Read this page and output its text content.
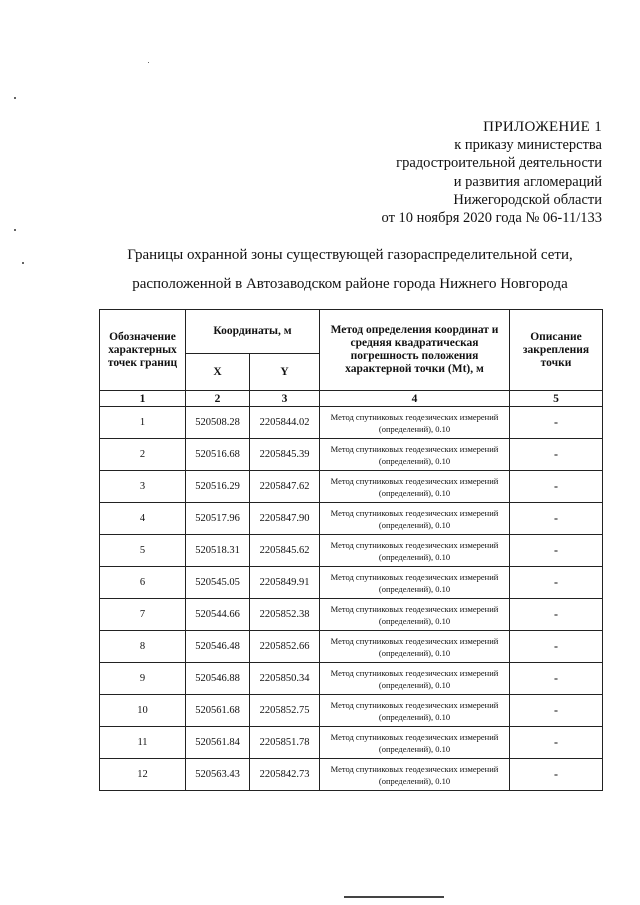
ПРИЛОЖЕНИЕ 1
к приказу министерства
градостроительной деятельности
и развития агломераций
Нижегородской области
от 10 ноября 2020 года № 06-11/133
Границы охранной зоны существующей газораспределительной сети,
расположенной в Автозаводском районе города Нижнего Новгорода
Обозначение характерных точек границ	Координаты, м		Метод определения координат и средняя квадратическая погрешность положения характерной точки (Mt), м	Описание закрепления точки
	X	Y		
1	2	3	4	5
1	520508.28	2205844.02	Метод спутниковых геодезических измерений (определений), 0.10	-
2	520516.68	2205845.39	Метод спутниковых геодезических измерений (определений), 0.10	-
3	520516.29	2205847.62	Метод спутниковых геодезических измерений (определений), 0.10	-
4	520517.96	2205847.90	Метод спутниковых геодезических измерений (определений), 0.10	-
5	520518.31	2205845.62	Метод спутниковых геодезических измерений (определений), 0.10	-
6	520545.05	2205849.91	Метод спутниковых геодезических измерений (определений), 0.10	-
7	520544.66	2205852.38	Метод спутниковых геодезических измерений (определений), 0.10	-
8	520546.48	2205852.66	Метод спутниковых геодезических измерений (определений), 0.10	-
9	520546.88	2205850.34	Метод спутниковых геодезических измерений (определений), 0.10	-
10	520561.68	2205852.75	Метод спутниковых геодезических измерений (определений), 0.10	-
11	520561.84	2205851.78	Метод спутниковых геодезических измерений (определений), 0.10	-
12	520563.43	2205842.73	Метод спутниковых геодезических измерений (определений), 0.10	-
